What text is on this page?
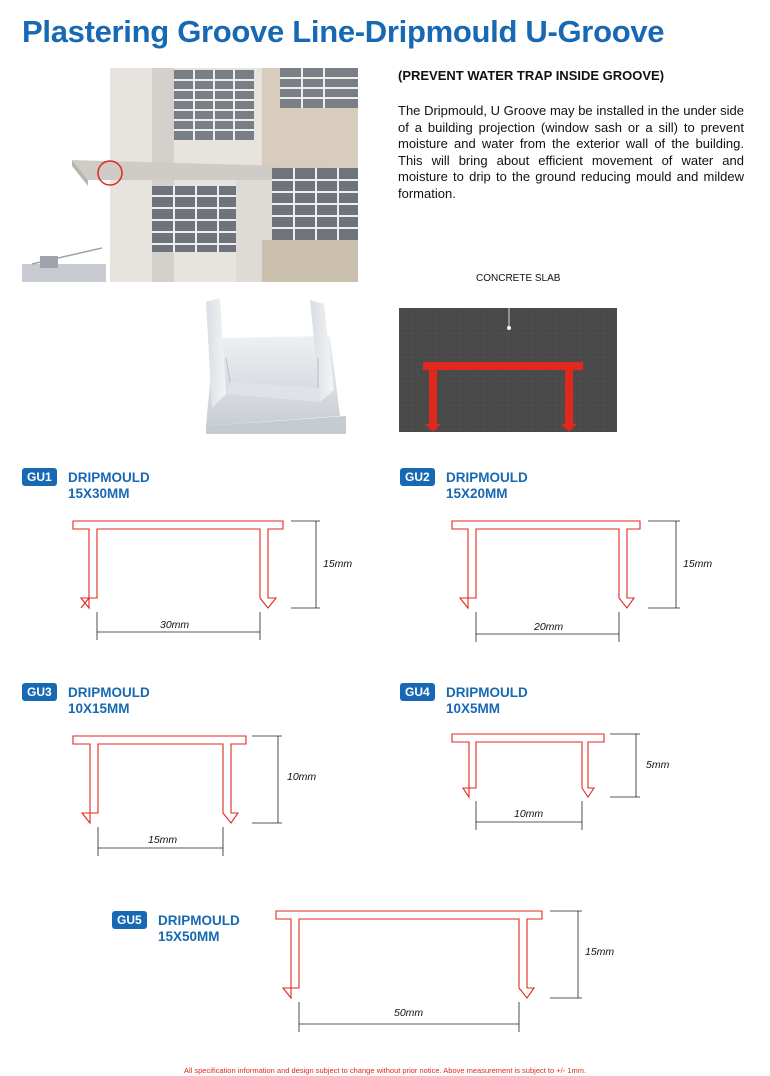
Plastering Groove Line-Dripmould U-Groove
(PREVENT WATER TRAP INSIDE GROOVE)
The Dripmould, U Groove may be installed in the under side of a building projection (window sash or a sill) to prevent moisture and water from the exterior wall of the building. This will bring about efficient movement of water and moisture to drip to the ground reducing mould and mildew formation.
CONCRETE SLAB
GU1	DRIPMOULD
15X30MM
GU2	DRIPMOULD
15X20MM
GU3	DRIPMOULD
10X15MM
GU4	DRIPMOULD
10X5MM
GU5	DRIPMOULD
15X50MM
15mm
30mm
15mm
20mm
10mm
15mm
5mm
10mm
15mm
50mm
All specification information and design subject to change without prior notice. Above measurement is subject to +/- 1mm.
